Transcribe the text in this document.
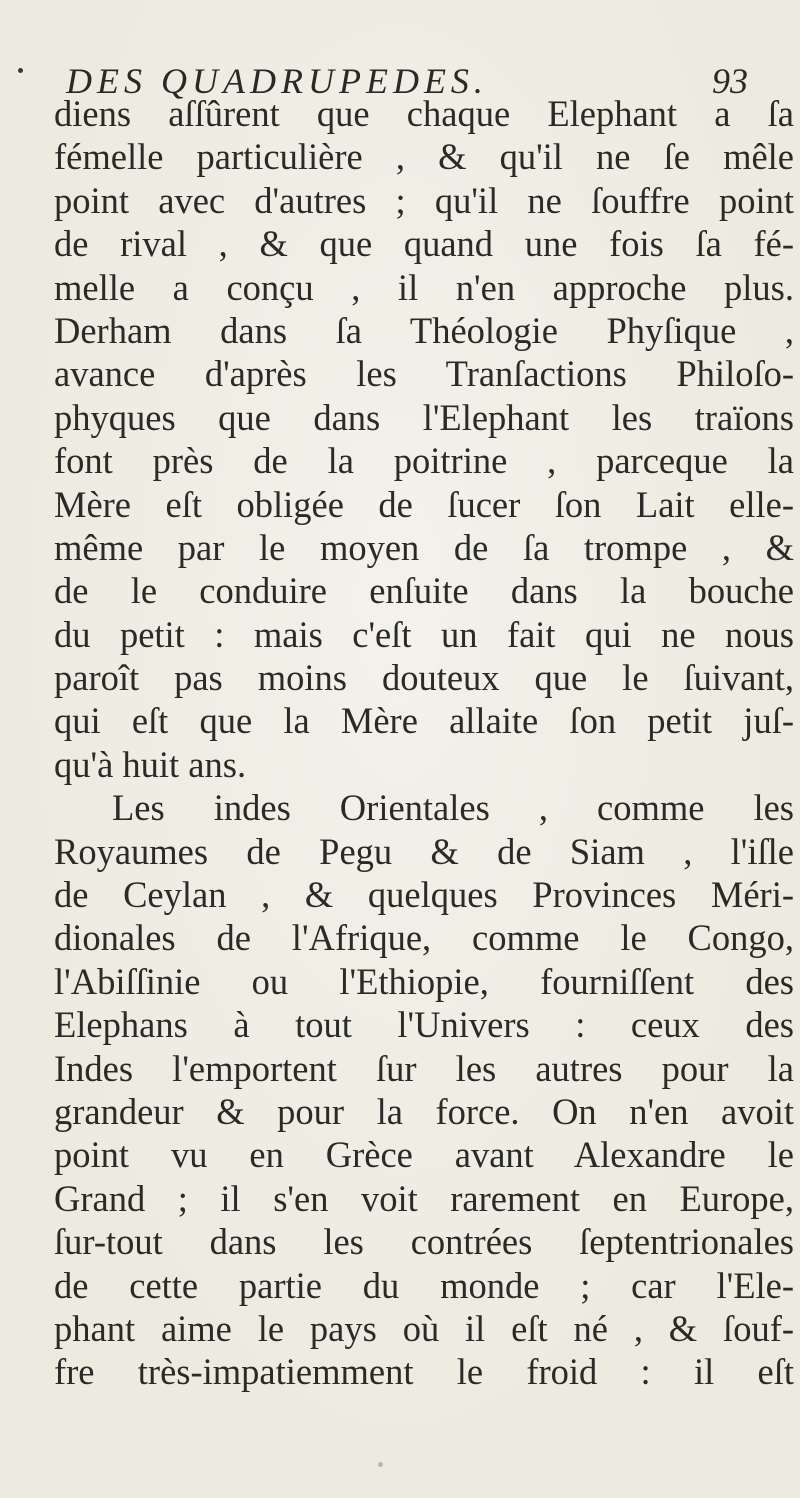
DES QUADRUPEDES.	93
diens aſſûrent que chaque Elephant a ſa
fémelle particulière , & qu'il ne ſe mêle
point avec d'autres ; qu'il ne ſouffre point
de rival , & que quand une fois ſa fé-
melle a conçu , il n'en approche plus.
Derham dans ſa Théologie Phyſique ,
avance d'après les Tranſactions Philoſo-
phyques que dans l'Elephant les traïons
font près de la poitrine , parceque la
Mère eſt obligée de ſucer ſon Lait elle-
même par le moyen de ſa trompe , &
de le conduire enſuite dans la bouche
du petit : mais c'eſt un fait qui ne nous
paroît pas moins douteux que le ſuivant,
qui eſt que la Mère allaite ſon petit juſ-
qu'à huit ans.
Les indes Orientales , comme les
Royaumes de Pegu & de Siam , l'iſle
de Ceylan , & quelques Provinces Méri-
dionales de l'Afrique, comme le Congo,
l'Abiſſinie ou l'Ethiopie, fourniſſent des
Elephans à tout l'Univers : ceux des
Indes l'emportent ſur les autres pour la
grandeur & pour la force. On n'en avoit
point vu en Grèce avant Alexandre le
Grand ; il s'en voit rarement en Europe,
ſur-tout dans les contrées ſeptentrionales
de cette partie du monde ; car l'Ele-
phant aime le pays où il eſt né , & ſouf-
fre très-impatiemment le froid : il eſt
